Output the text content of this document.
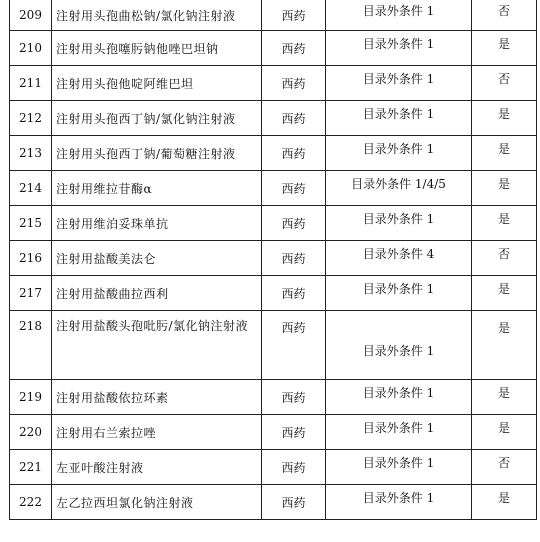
209	注射用头孢曲松钠/氯化钠注射液	西药	目录外条件 1	否
210	注射用头孢噻肟钠他唑巴坦钠	西药	目录外条件 1	是
211	注射用头孢他啶阿维巴坦	西药	目录外条件 1	否
212	注射用头孢西丁钠/氯化钠注射液	西药	目录外条件 1	是
213	注射用头孢西丁钠/葡萄糖注射液	西药	目录外条件 1	是
214	注射用维拉苷酶α	西药	目录外条件 1/4/5	是
215	注射用维泊妥珠单抗	西药	目录外条件 1	是
216	注射用盐酸美法仑	西药	目录外条件 4	否
217	注射用盐酸曲拉西利	西药	目录外条件 1	是
218	注射用盐酸头孢吡肟/氯化钠注射液	西药	目录外条件 1	是
219	注射用盐酸依拉环素	西药	目录外条件 1	是
220	注射用右兰索拉唑	西药	目录外条件 1	是
221	左亚叶酸注射液	西药	目录外条件 1	否
222	左乙拉西坦氯化钠注射液	西药	目录外条件 1	是
